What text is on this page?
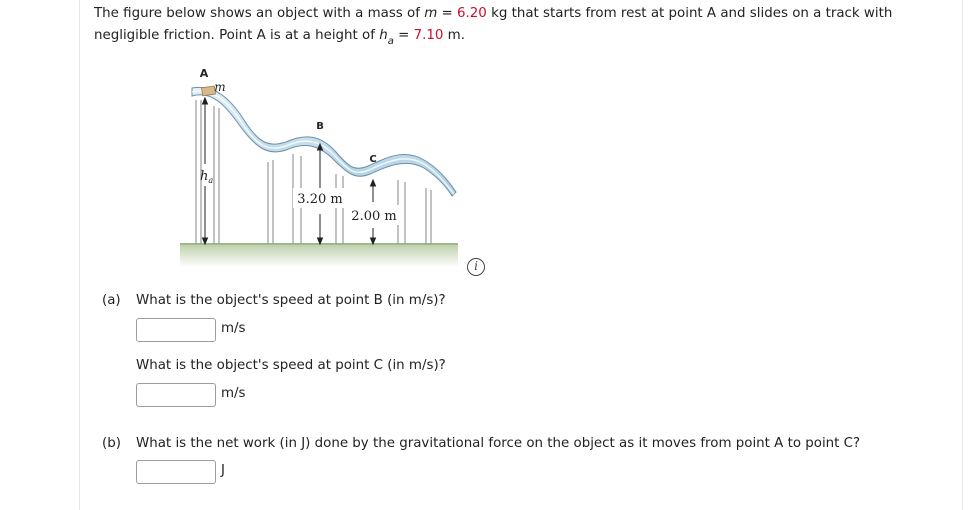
The figure below shows an object with a mass of m = 6.20 kg that starts from rest at point A and slides on a track with
negligible friction. Point A is at a height of $h_a = 7.10$ m.
A
m
B
C
$h_a$
3.20 m
2.00 m
i
(a) What is the object's speed at point B (in m/s)?
m/s
What is the object's speed at point C (in m/s)?
m/s
(b) What is the net work (in J) done by the gravitational force on the object as it moves from point A to point C?
J
